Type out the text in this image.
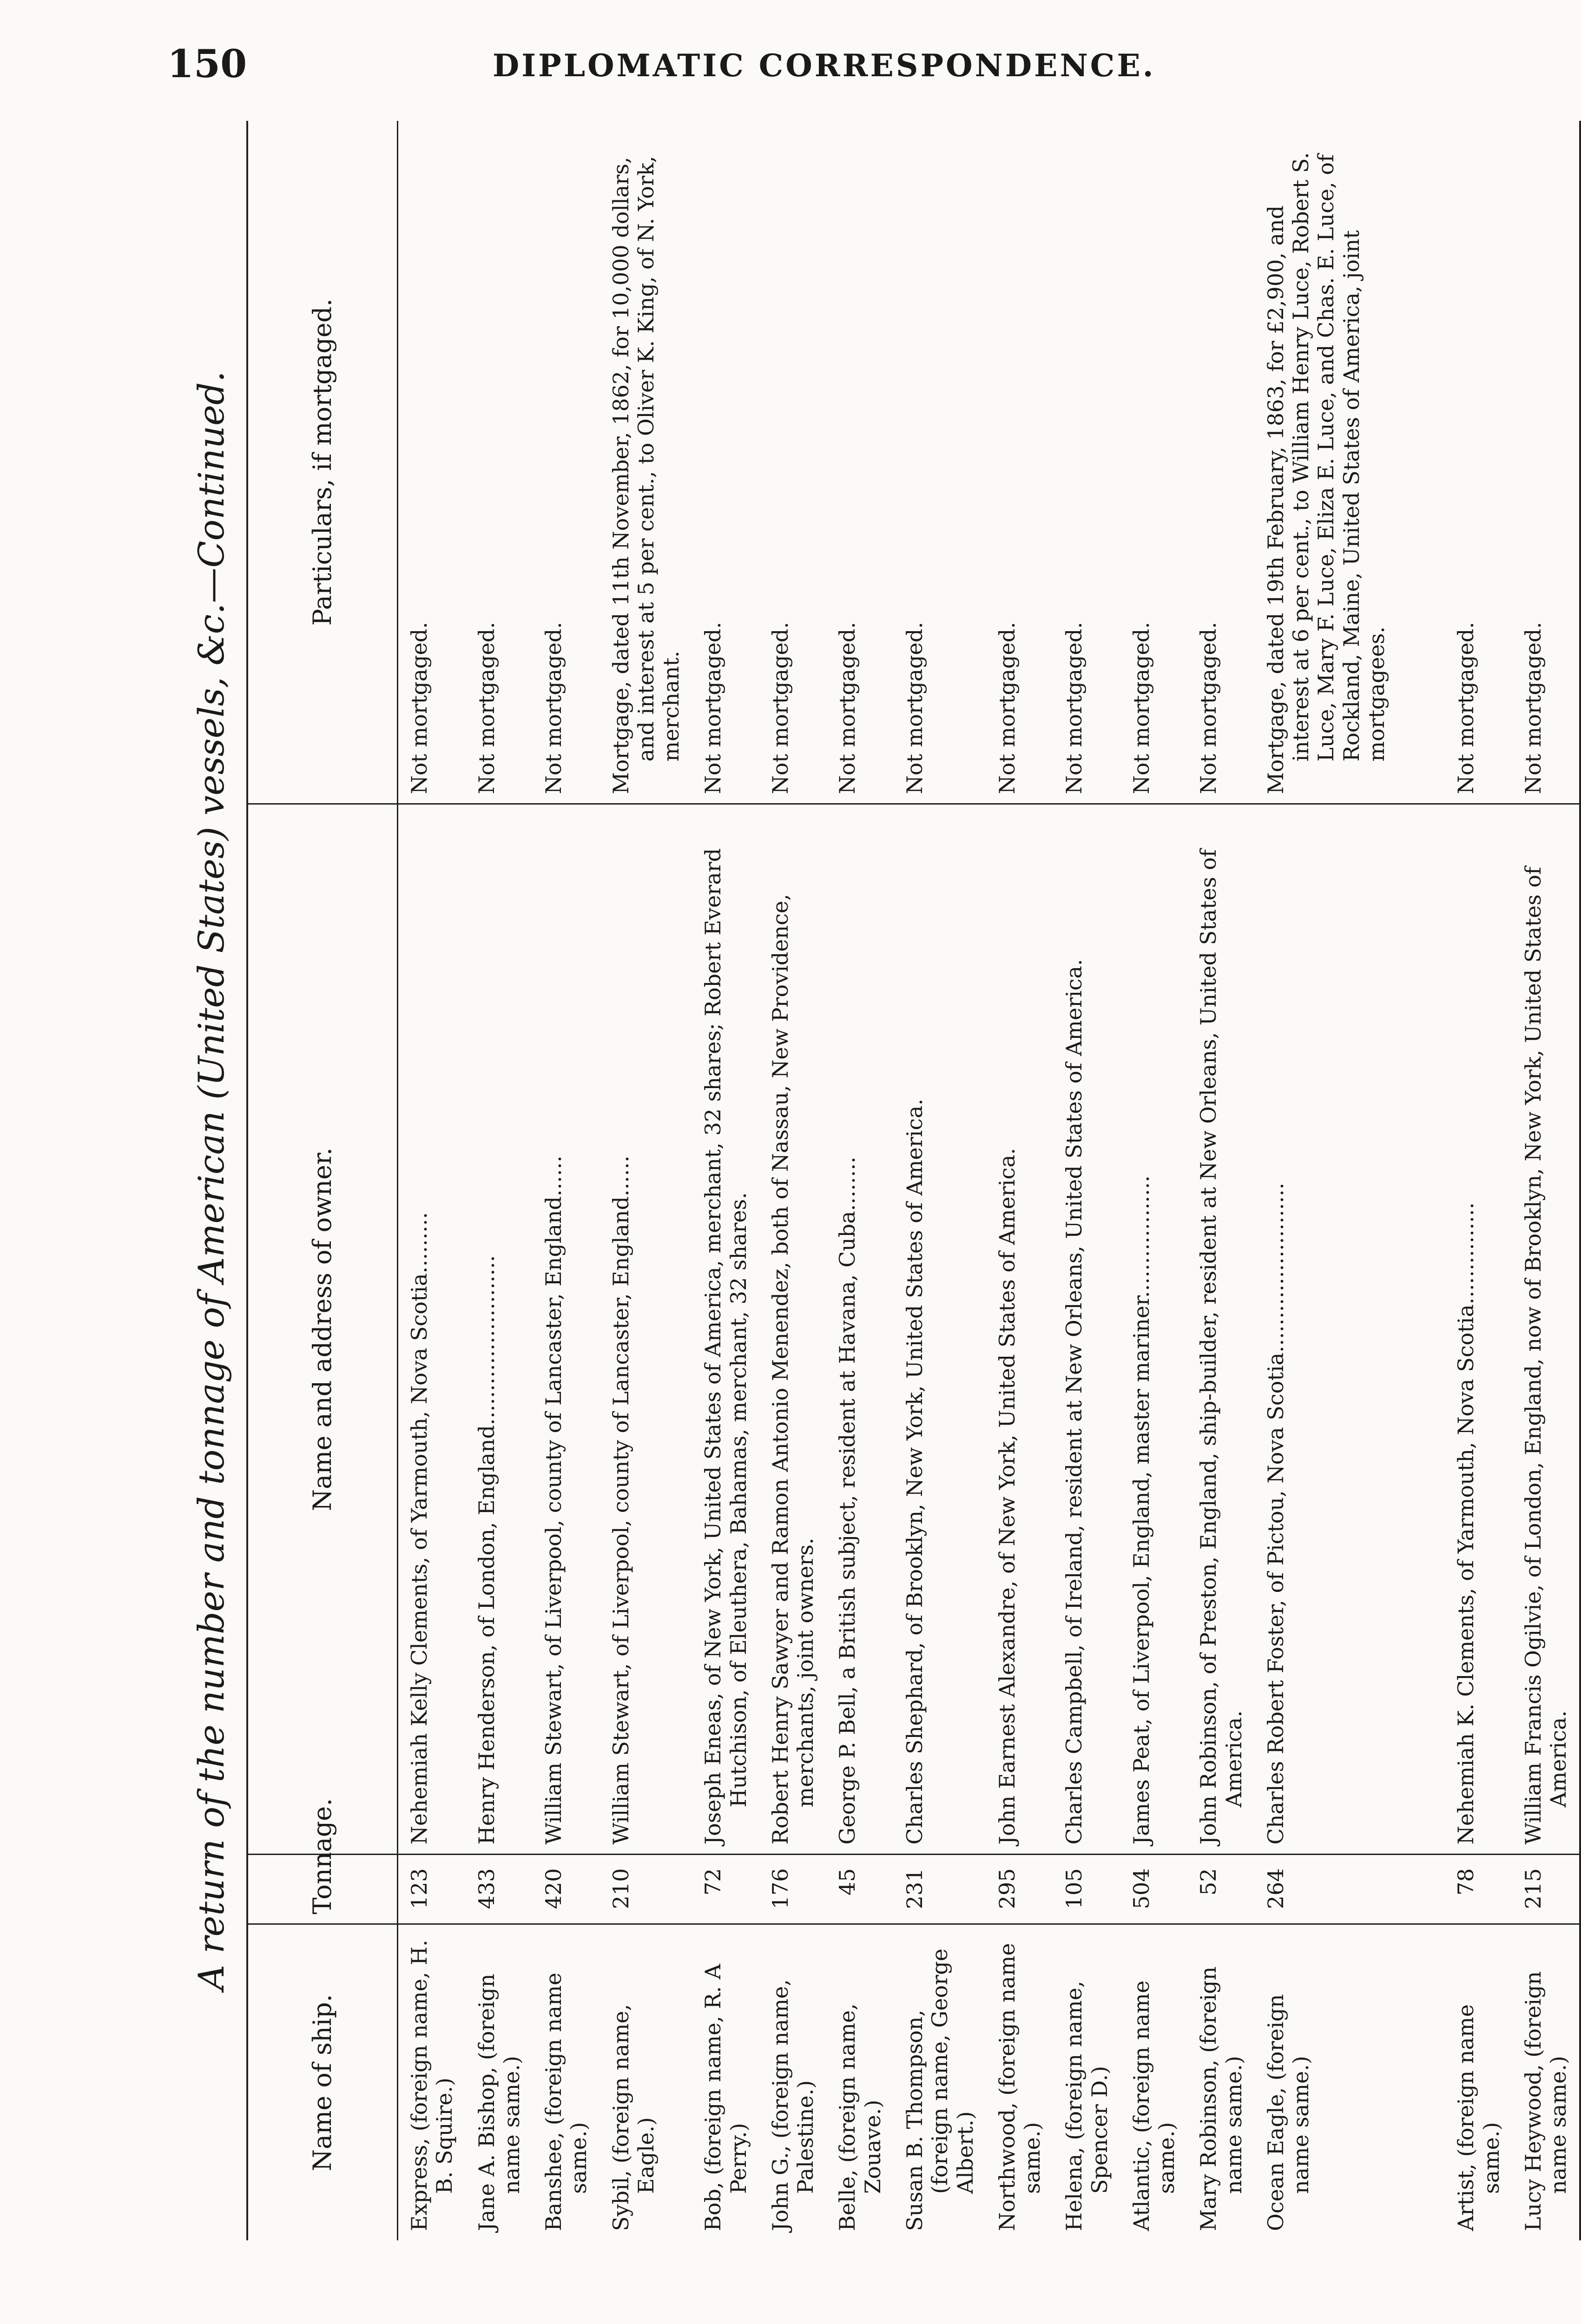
150	DIPLOMATIC CORRESPONDENCE.
A return of the number and tonnage of American (United States) vessels, &c.—Continued.
Name of ship.	Tonnage.	Name and address of owner.	Particulars, if mortgaged.
Express, (foreign name, H. B. Squire.)	123	Nehemiah Kelly Clements, of Yarmouth, Nova Scotia.........	Not mortgaged.
Jane A. Bishop, (foreign name same.)	433	Henry Henderson, of London, England.........................	Not mortgaged.
Banshee, (foreign name same.)	420	William Stewart, of Liverpool, county of Lancaster, England......	Not mortgaged.
Sybil, (foreign name, Eagle.)	210	William Stewart, of Liverpool, county of Lancaster, England......	Mortgage, dated 11th November, 1862, for 10,000 dollars, and interest at 5 per cent., to Oliver K. King, of N. York, merchant.
Bob, (foreign name, R. A Perry.)	72	Joseph Eneas, of New York, United States of America, merchant, 32 shares; Robert Everard Hutchison, of Eleuthera, Bahamas, merchant, 32 shares.	Not mortgaged.
John G., (foreign name, Palestine.)	176	Robert Henry Sawyer and Ramon Antonio Menendez, both of Nassau, New Providence, merchants, joint owners.	Not mortgaged.
Belle, (foreign name, Zouave.)	45	George P. Bell, a British subject, resident at Havana, Cuba........	Not mortgaged.
Susan B. Thompson, (foreign name, George Albert.)	231	Charles Shephard, of Brooklyn, New York, United States of America.	Not mortgaged.
Northwood, (foreign name same.)	295	John Earnest Alexandre, of New York, United States of America.	Not mortgaged.
Helena, (foreign name, Spencer D.)	105	Charles Campbell, of Ireland, resident at New Orleans, United States of America.	Not mortgaged.
Atlantic, (foreign name same.)	504	James Peat, of Liverpool, England, master mariner..................	Not mortgaged.
Mary Robinson, (foreign name same.)	52	John Robinson, of Preston, England, ship-builder, resident at New Orleans, United States of America.	Not mortgaged.
Ocean Eagle, (foreign name same.)	264	Charles Robert Foster, of Pictou, Nova Scotia.........................	Mortgage, dated 19th February, 1863, for £2,900, and interest at 6 per cent., to William Henry Luce, Robert S. Luce, Mary F. Luce, Eliza E. Luce, and Chas. E. Luce, of Rockland, Maine, United States of America, joint mortgagees.
Artist, (foreign name same.)	78	Nehemiah K. Clements, of Yarmouth, Nova Scotia...............	Not mortgaged.
Lucy Heywood, (foreign name same.)	215	William Francis Ogilvie, of London, England, now of Brooklyn, New York, United States of America.	Not mortgaged.
